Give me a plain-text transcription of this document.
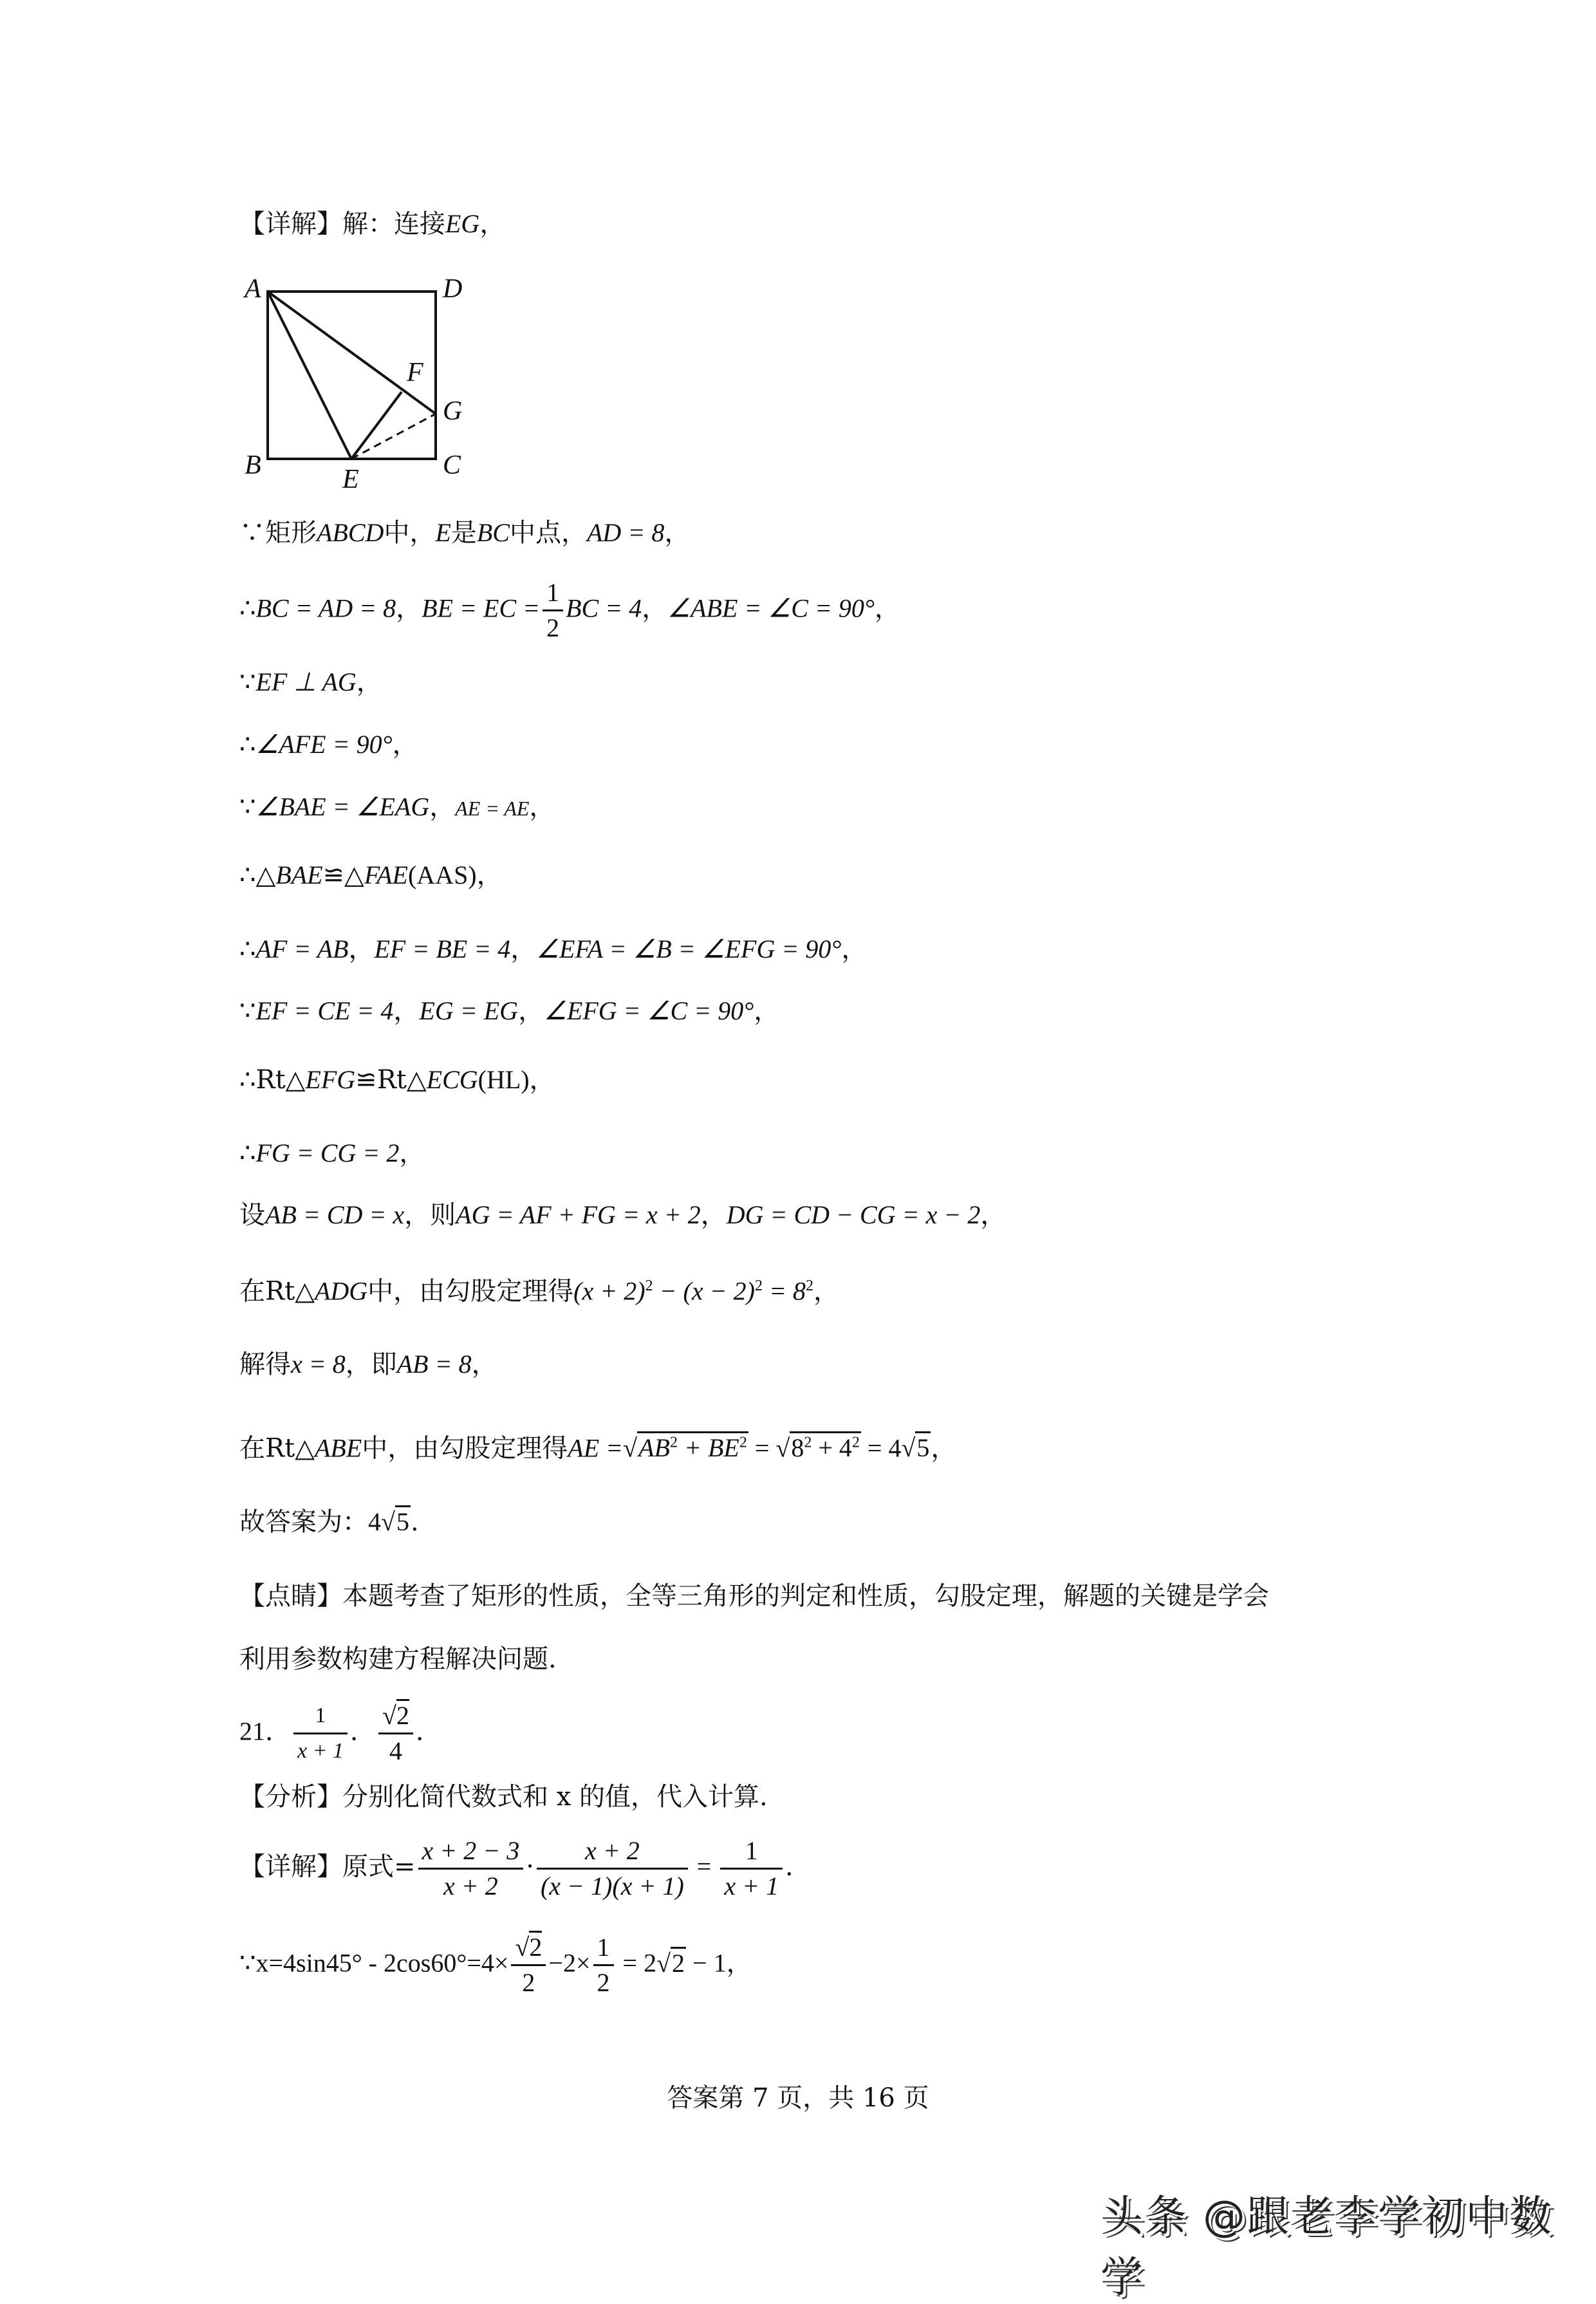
【详解】解：连接EG，
A	D
B	C
E
F
G
∵矩形ABCD中，E是BC中点，AD = 8，
∴BC = AD = 8，BE = EC = $\frac{1}{2}$ BC = 4，∠ABE = ∠C = 90°，
∵EF ⊥ AG，
∴∠AFE = 90°，
∵∠BAE = ∠EAG，AE = AE，
∴△BAE≌△FAE(AAS)，
∴AF = AB，EF = BE = 4，∠EFA = ∠B = ∠EFG = 90°，
∵EF = CE = 4，EG = EG，∠EFG = ∠C = 90°，
∴Rt△EFG≌Rt△ECG(HL)，
∴FG = CG = 2，
设AB = CD = x，则AG = AF + FG = x + 2，DG = CD − CG = x − 2，
在Rt△ADG中，由勾股定理得$(x + 2)^2 - (x - 2)^2 = 8^2$，
解得x = 8，即AB = 8，
在Rt△ABE中，由勾股定理得AE $=√AB^2 + BE^2 = √8^2 + 4^2 = 4√5$，
故答案为：4√5.
【点睛】本题考查了矩形的性质，全等三角形的判定和性质，勾股定理，解题的关键是学会
利用参数构建方程解决问题.
21． $\frac{1}{x + 1}$ ． $\frac{√2}{4}$ ．
【分析】分别化简代数式和 x 的值，代入计算.
【详解】原式= $\frac{x + 2 - 3}{x + 2} \cdot \frac{x + 2}{(x - 1)(x + 1)} = \frac{1}{x + 1}$ ．
∵x=4sin45° - $2\cos 60^\circ=4\times \frac{√2}{2} -2\times \frac{1}{2} = 2√2 - 1$，
答案第 7 页，共 16 页
头条 @跟老李学初中数学
